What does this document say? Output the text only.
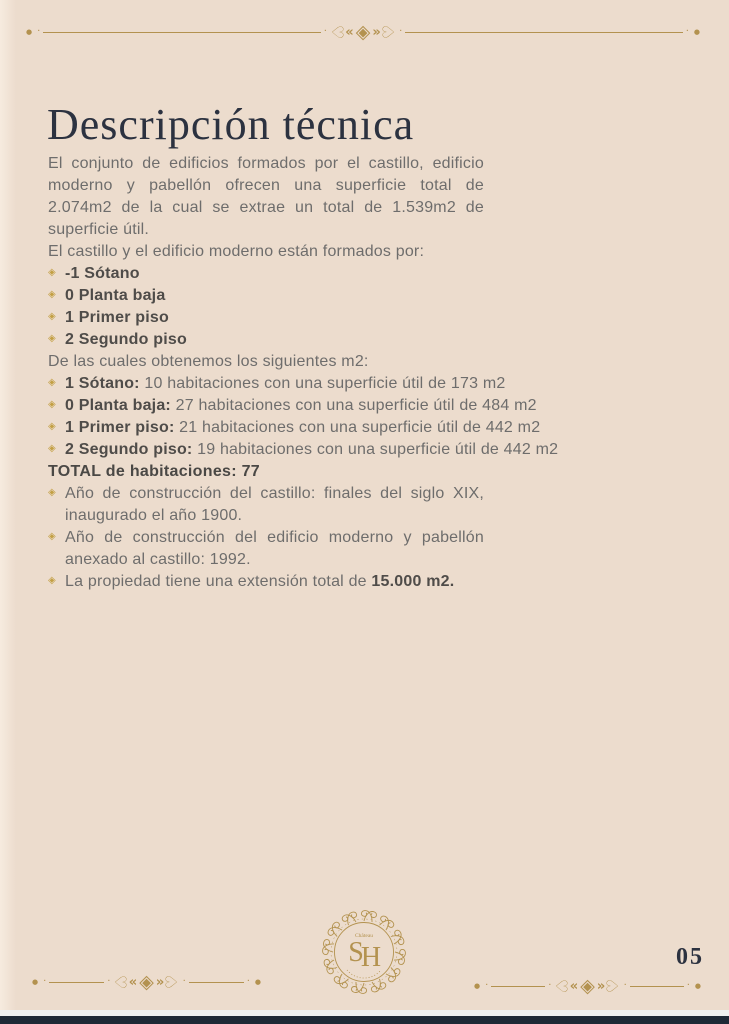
● ·	· ♡
« ◈ »
♡ ·	· ●
Descripción técnica

El conjunto de edificios formados por el castillo, edificio moderno y pabellón ofrecen una superficie total de 2.074m2 de la cual se extrae un total de 1.539m2 de superficie útil.

El castillo y el edificio moderno están formados por:

◈ -1 Sótano
◈ 0 Planta baja
◈ 1 Primer piso
◈ 2 Segundo piso

De las cuales obtenemos los siguientes m2:

◈ 1 Sótano: 10 habitaciones con una superficie útil de 173 m2
◈ 0 Planta baja: 27 habitaciones con una superficie útil de 484 m2
◈ 1 Primer piso: 21 habitaciones con una superficie útil de 442 m2
◈ 2 Segundo piso: 19 habitaciones con una superficie útil de 442 m2

TOTAL de habitaciones: 77

◈ Año de construcción del castillo: finales del siglo XIX, inaugurado el año 1900.
◈ Año de construcción del edificio moderno y pabellón anexado al castillo: 1992.
◈ La propiedad tiene una extensión total de 15.000 m2.
Château
S
H	05
● ·	· ♡
« ◈ »
♡ ·	· ●	● ·	· ♡
« ◈ »
♡ ·	· ●
